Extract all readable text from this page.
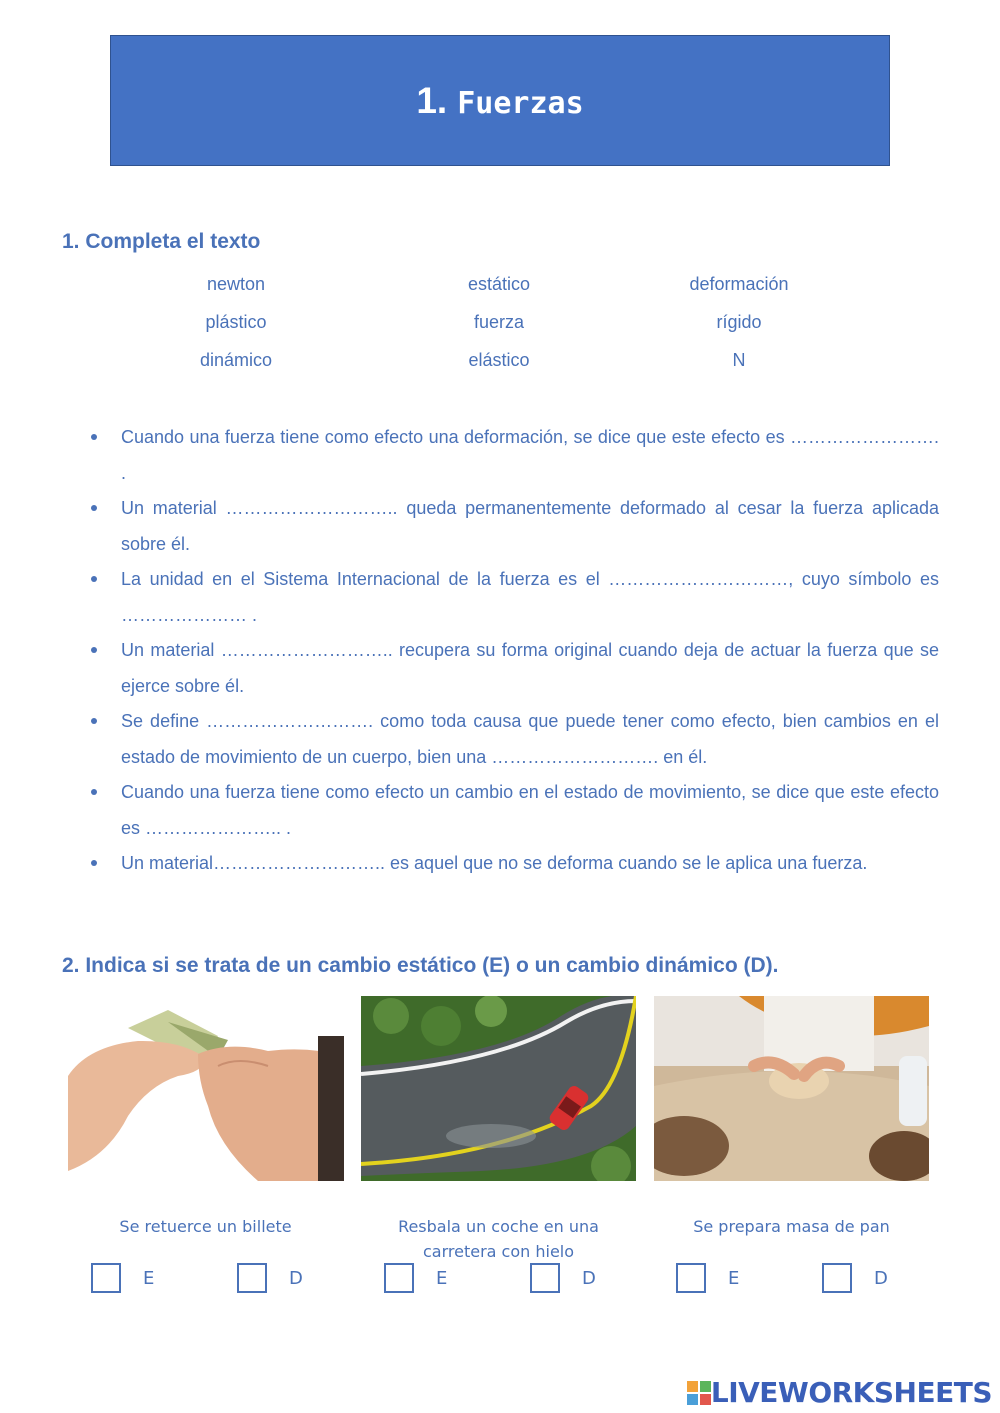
1. Fuerzas
1. Completa el texto
newton	estático	deformación
plástico	fuerza	rígido
dinámico	elástico	N
Cuando una fuerza tiene como efecto una deformación, se dice que este efecto es ……………………. .
Un material ……………………….. queda permanentemente deformado al cesar la fuerza aplicada sobre él.
La unidad en el Sistema Internacional de la fuerza es el …………………………, cuyo símbolo es ………………… .
Un material ……………………….. recupera su forma original cuando deja de actuar la fuerza que se ejerce sobre él.
Se define ………………………. como toda causa que puede tener como efecto, bien cambios en el estado de movimiento de un cuerpo, bien una ………………………. en él.
Cuando una fuerza tiene como efecto un cambio en el estado de movimiento, se dice que este efecto es ………………….. .
Un material……………………….. es aquel que no se deforma cuando se le aplica una fuerza.
2. Indica si se trata de un cambio estático (E) o un cambio dinámico (D).
Se retuerce un billete	Resbala un coche en una carretera con hielo
Se prepara masa de pan
E	D	E	D	E	D
LIVEWORKSHEETS
